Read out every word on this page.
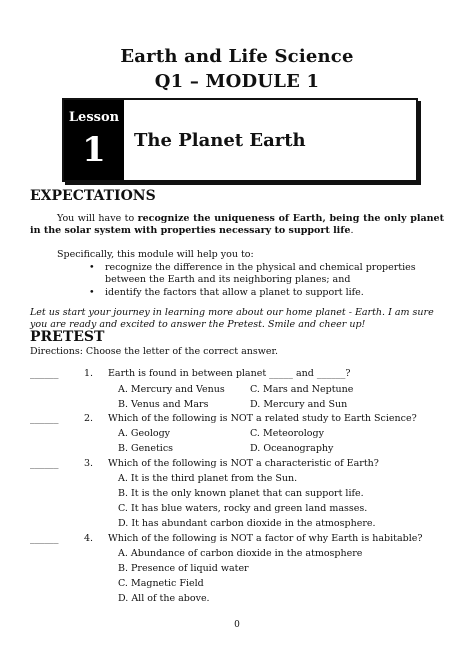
Earth and Life Science
Q1 – MODULE 1
Lesson
1	The Planet Earth
EXPECTATIONS
You will have to recognize the uniqueness of Earth, being the only planet in the solar system with properties necessary to support life.
Specifically, this module will help you to:
• recognize the difference in the physical and chemical properties between the Earth and its neighboring planes; and
• identify the factors that allow a planet to support life.
Let us start your journey in learning more about our home planet - Earth. I am sure you are ready and excited to answer the Pretest. Smile and cheer up!
PRETEST
Directions: Choose the letter of the correct answer.
______	1. Earth is found in between planet _____ and ______?
A. Mercury and Venus	C. Mars and Neptune
B. Venus and Mars	D. Mercury and Sun
______	2. Which of the following is NOT a related study to Earth Science?
A. Geology	C. Meteorology
B. Genetics	D. Oceanography
______	3. Which of the following is NOT a characteristic of Earth?
A. It is the third planet from the Sun.
B. It is the only known planet that can support life.
C. It has blue waters, rocky and green land masses.
D. It has abundant carbon dioxide in the atmosphere.
______	4. Which of the following is NOT a factor of why Earth is habitable?
A. Abundance of carbon dioxide in the atmosphere
B. Presence of liquid water
C. Magnetic Field
D. All of the above.
0
